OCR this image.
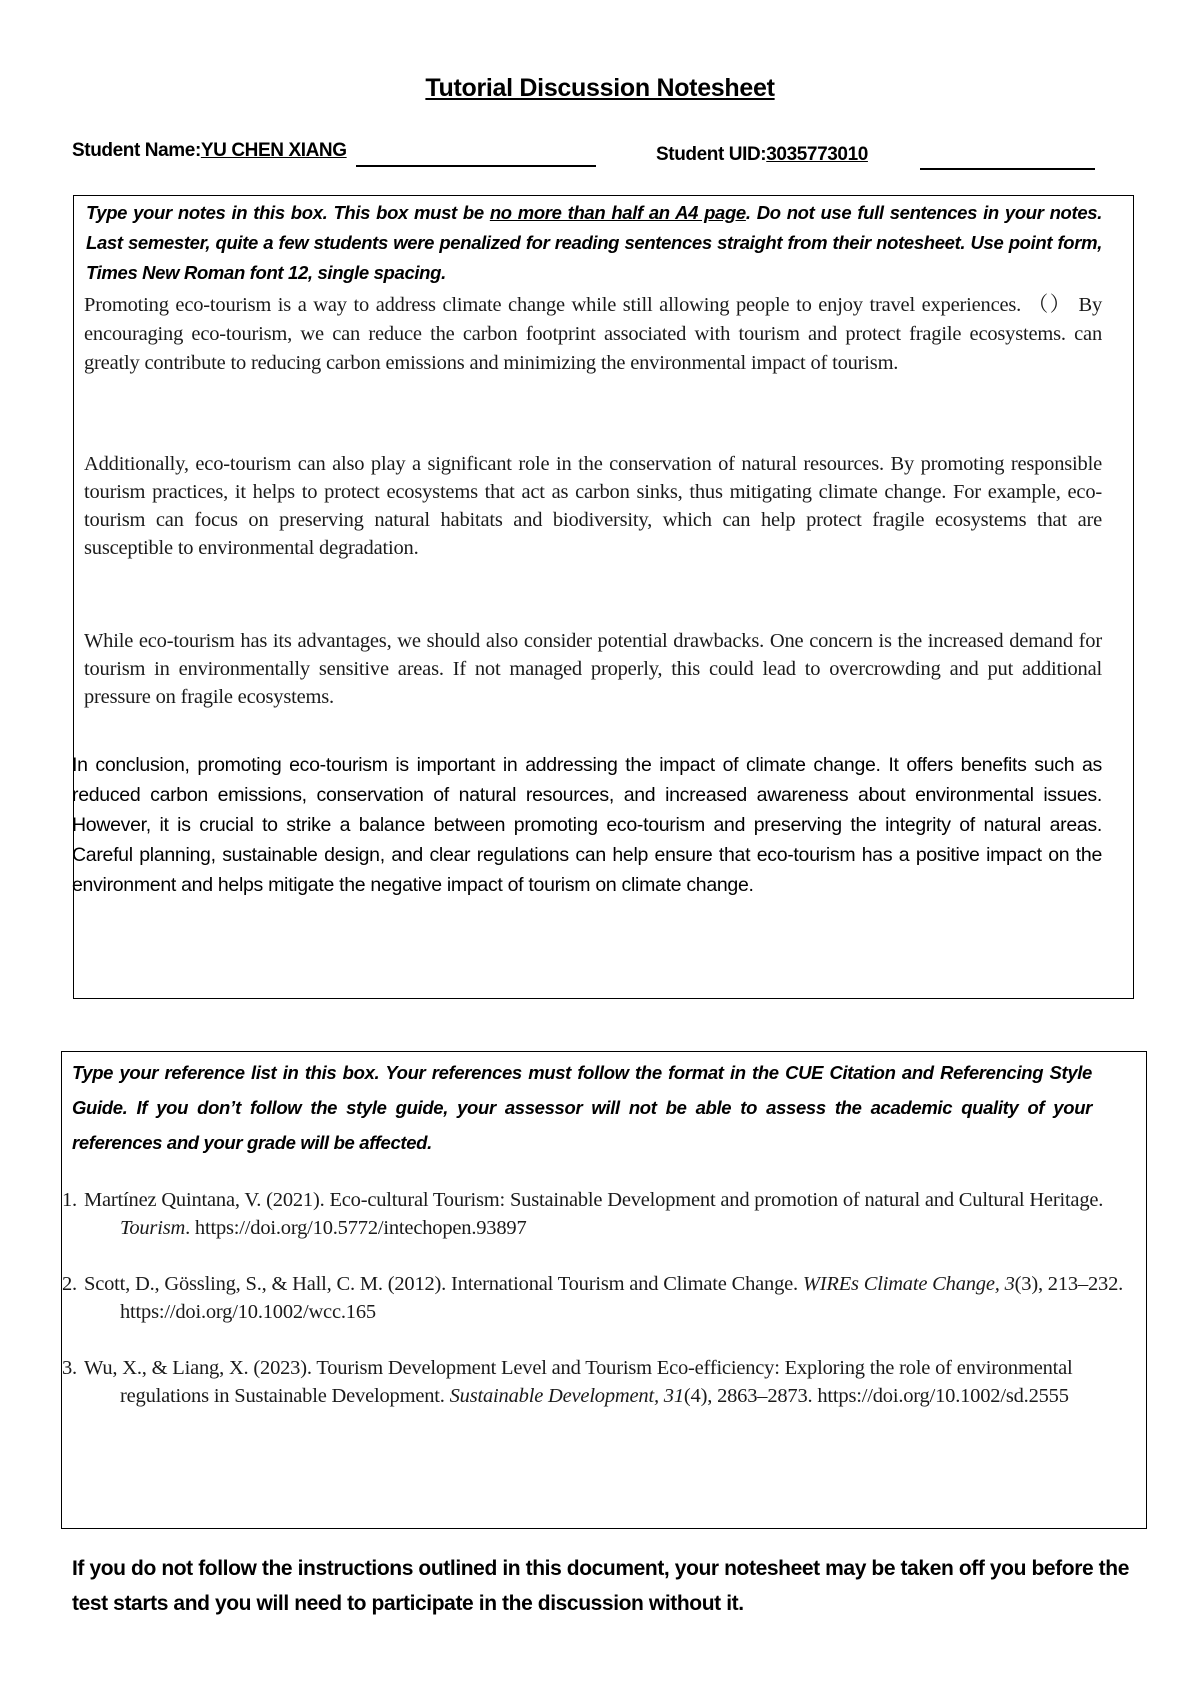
Tutorial Discussion Notesheet
Student Name:YU CHEN XIANG	Student UID:3035773010
Type your notes in this box. This box must be no more than half an A4 page. Do not use full sentences in your notes. Last semester, quite a few students were penalized for reading sentences straight from their notesheet. Use point form, Times New Roman font 12, single spacing.
Promoting eco-tourism is a way to address climate change while still allowing people to enjoy travel experiences. （） By encouraging eco-tourism, we can reduce the carbon footprint associated with tourism and protect fragile ecosystems. can greatly contribute to reducing carbon emissions and minimizing the environmental impact of tourism.
Additionally, eco-tourism can also play a significant role in the conservation of natural resources. By promoting responsible tourism practices, it helps to protect ecosystems that act as carbon sinks, thus mitigating climate change. For example, eco-tourism can focus on preserving natural habitats and biodiversity, which can help protect fragile ecosystems that are susceptible to environmental degradation.
While eco-tourism has its advantages, we should also consider potential drawbacks. One concern is the increased demand for tourism in environmentally sensitive areas. If not managed properly, this could lead to overcrowding and put additional pressure on fragile ecosystems.
In conclusion, promoting eco-tourism is important in addressing the impact of climate change. It offers benefits such as reduced carbon emissions, conservation of natural resources, and increased awareness about environmental issues. However, it is crucial to strike a balance between promoting eco-tourism and preserving the integrity of natural areas. Careful planning, sustainable design, and clear regulations can help ensure that eco-tourism has a positive impact on the environment and helps mitigate the negative impact of tourism on climate change.
Type your reference list in this box. Your references must follow the format in the CUE Citation and Referencing Style Guide. If you don’t follow the style guide, your assessor will not be able to assess the academic quality of your references and your grade will be affected.
1. Martínez Quintana, V. (2021). Eco-cultural Tourism: Sustainable Development and promotion of natural and Cultural Heritage. Tourism. https://doi.org/10.5772/intechopen.93897
2. Scott, D., Gössling, S., & Hall, C. M. (2012). International Tourism and Climate Change. WIREs Climate Change, 3(3), 213–232. https://doi.org/10.1002/wcc.165
3. Wu, X., & Liang, X. (2023). Tourism Development Level and Tourism Eco-efficiency: Exploring the role of environmental regulations in Sustainable Development. Sustainable Development, 31(4), 2863–2873. https://doi.org/10.1002/sd.2555
If you do not follow the instructions outlined in this document, your notesheet may be taken off you before the test starts and you will need to participate in the discussion without it.
